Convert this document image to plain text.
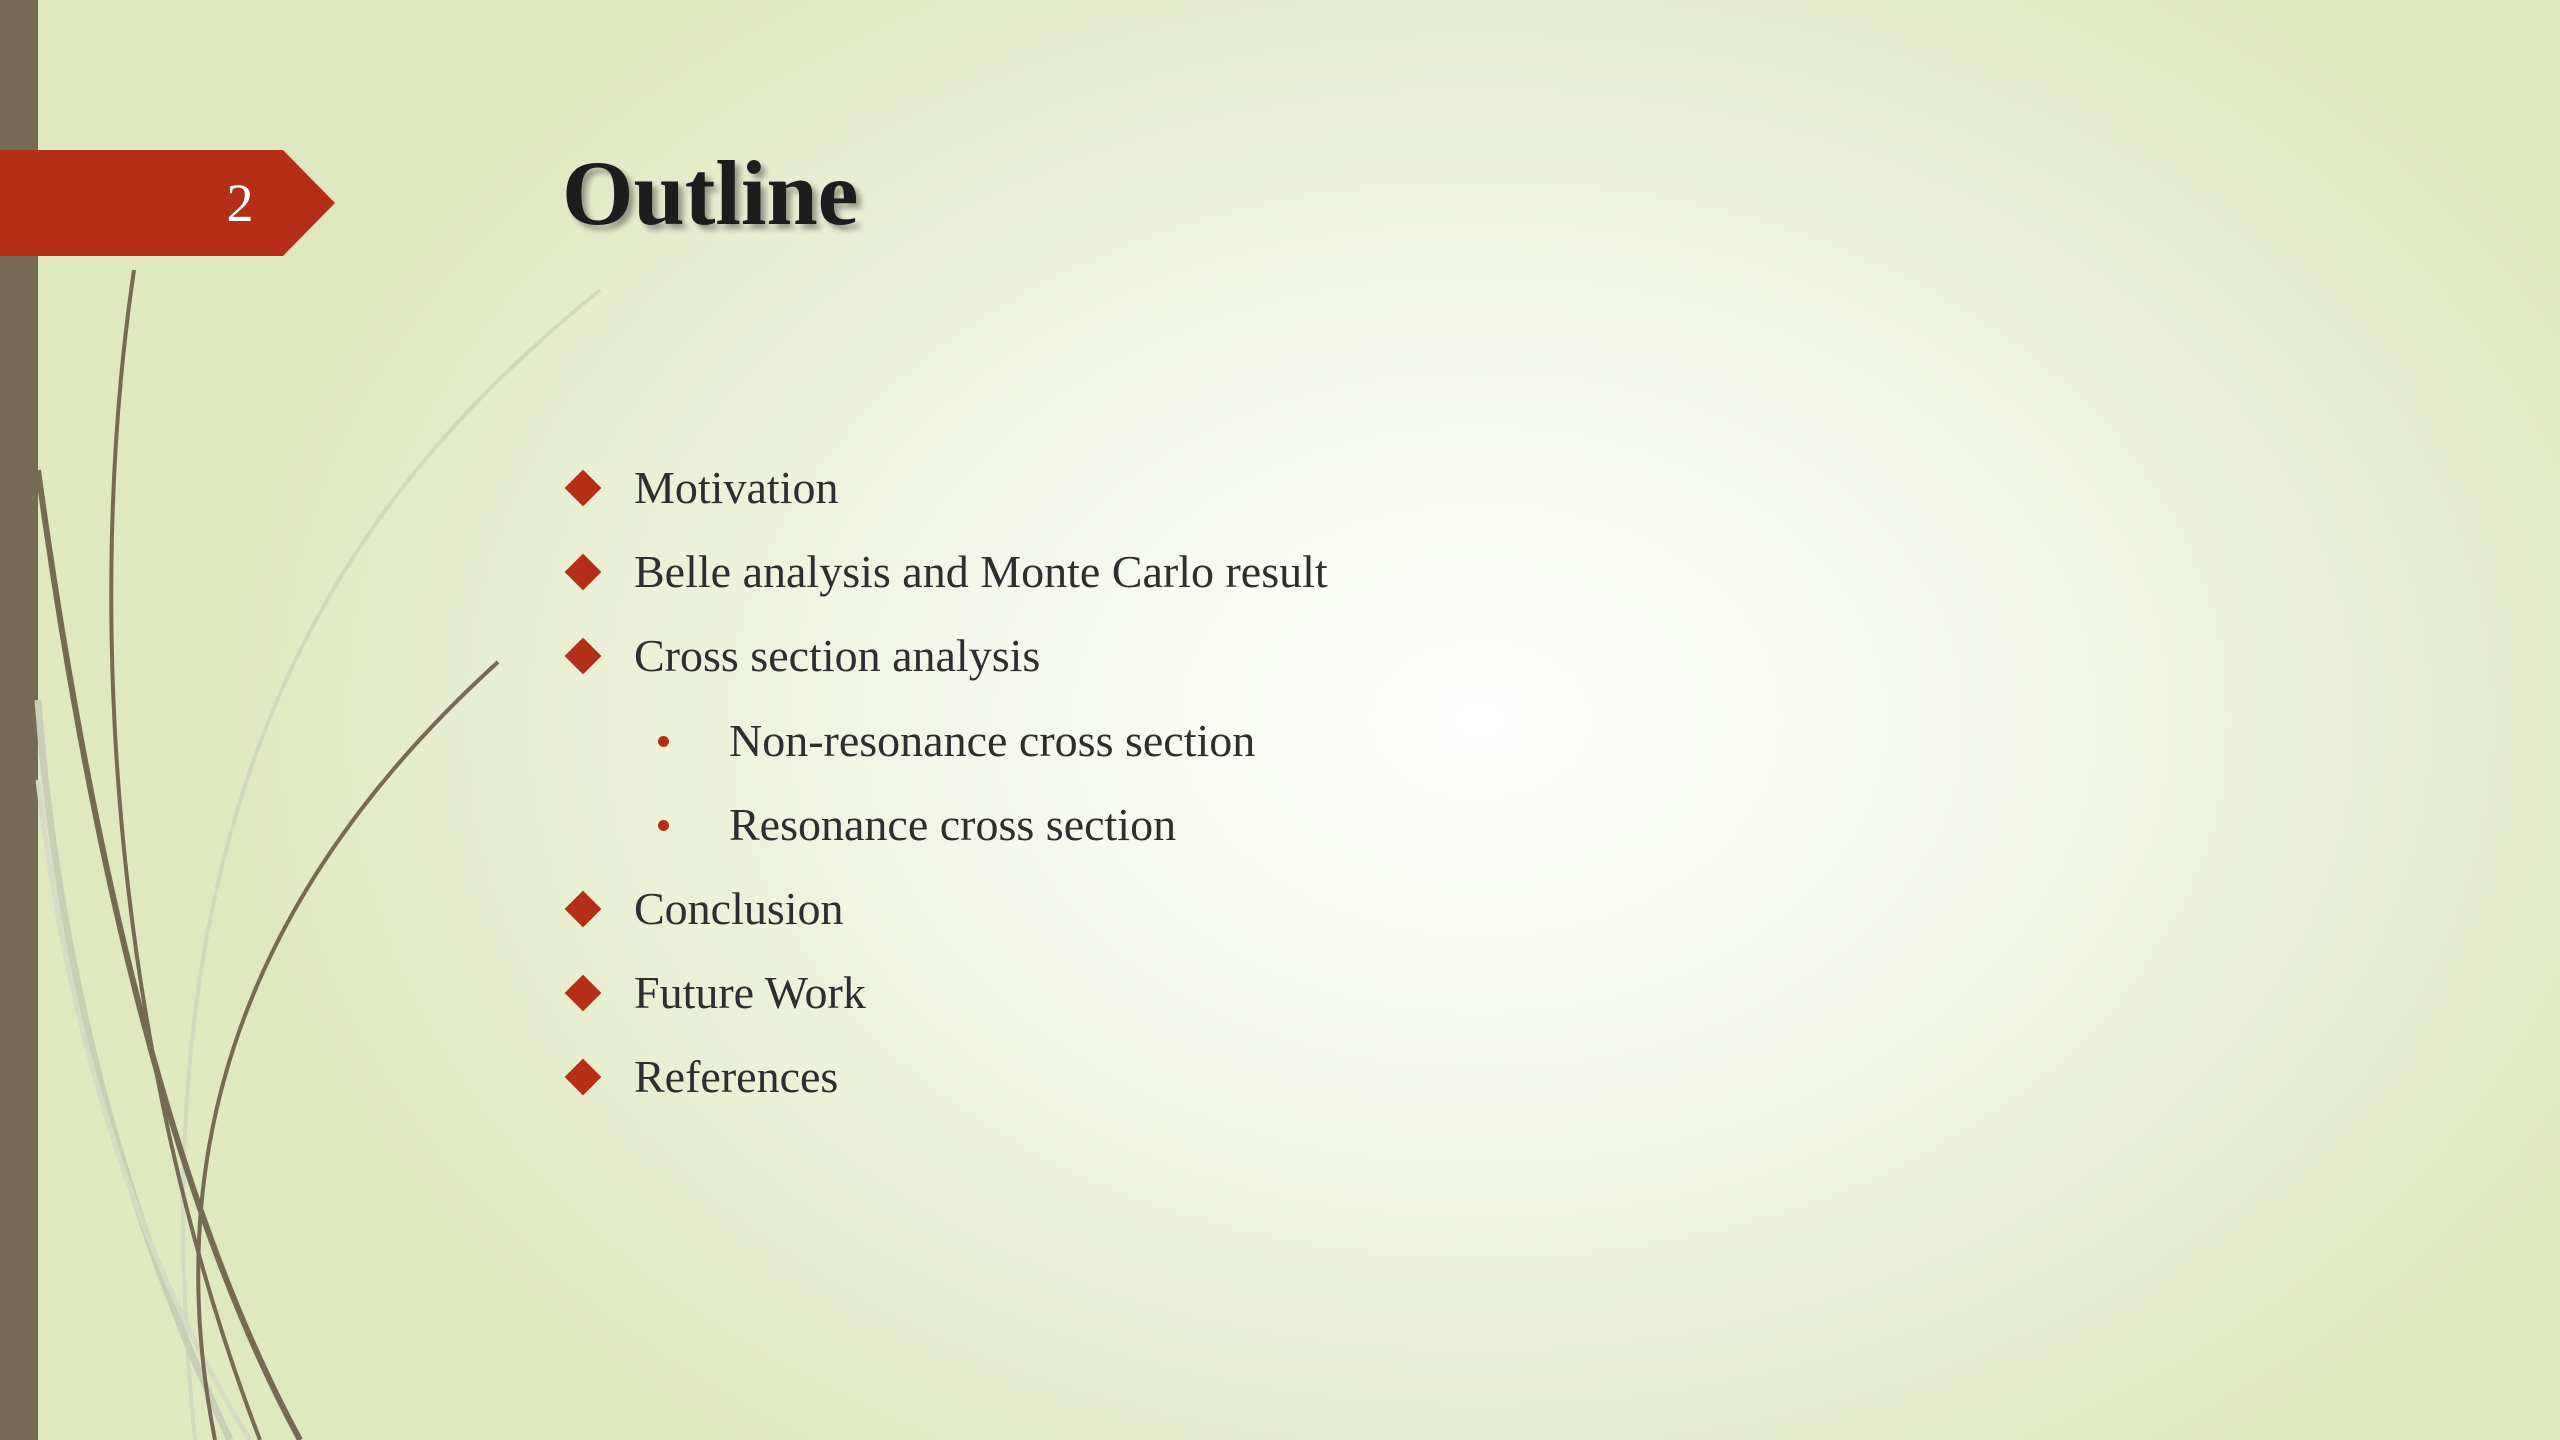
2	Outline
Motivation
Belle analysis and Monte Carlo result
Cross section analysis
Non-resonance cross section
Resonance cross section
Conclusion
Future Work
References
